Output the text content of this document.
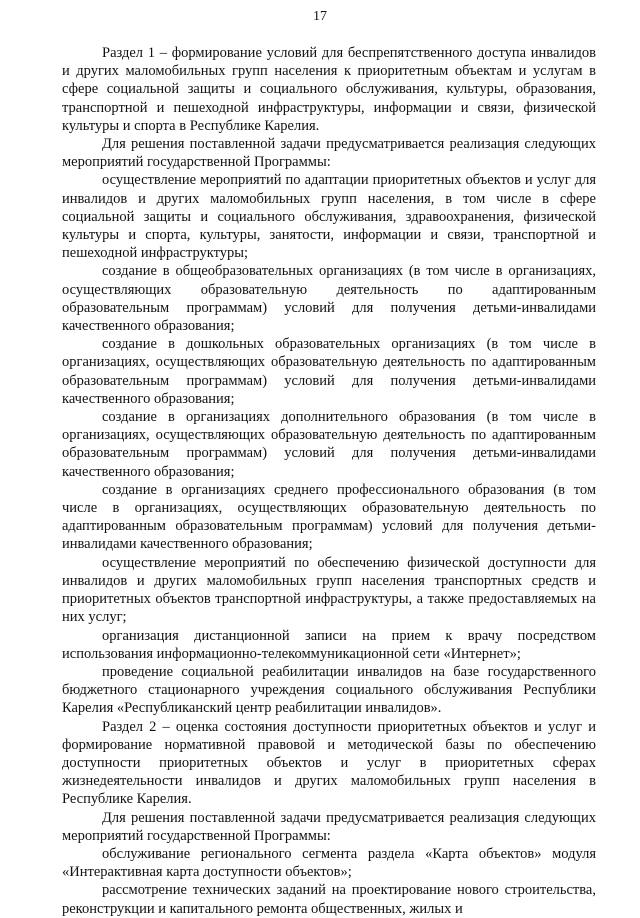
17

Раздел 1 – формирование условий для беспрепятственного доступа инвалидов и других маломобильных групп населения к приоритетным объектам и услугам в сфере социальной защиты и социального обслуживания, культуры, образования, транспортной и пешеходной инфраструктуры, информации и связи, физической культуры и спорта в Республике Карелия.

Для решения поставленной задачи предусматривается реализация следующих мероприятий государственной Программы:

осуществление мероприятий по адаптации приоритетных объектов и услуг для инвалидов и других маломобильных групп населения, в том числе в сфере социальной защиты и социального обслуживания, здравоохранения, физической культуры и спорта, культуры, занятости, информации и связи, транспортной и пешеходной инфраструктуры;

создание в общеобразовательных организациях (в том числе в организациях, осуществляющих образовательную деятельность по адаптированным образовательным программам) условий для получения детьми-инвалидами качественного образования;

создание в дошкольных образовательных организациях (в том числе в организациях, осуществляющих образовательную деятельность по адаптированным образовательным программам) условий для получения детьми-инвалидами качественного образования;

создание в организациях дополнительного образования (в том числе в организациях, осуществляющих образовательную деятельность по адаптированным образовательным программам) условий для получения детьми-инвалидами качественного образования;

создание в организациях среднего профессионального образования (в том числе в организациях, осуществляющих образовательную деятельность по адаптированным образовательным программам) условий для получения детьми-инвалидами качественного образования;

осуществление мероприятий по обеспечению физической доступности для инвалидов и других маломобильных групп населения транспортных средств и приоритетных объектов транспортной инфраструктуры, а также предоставляемых на них услуг;

организация дистанционной записи на прием к врачу посредством использования информационно-телекоммуникационной сети «Интернет»;

проведение социальной реабилитации инвалидов на базе государственного бюджетного стационарного учреждения социального обслуживания Республики Карелия «Республиканский центр реабилитации инвалидов».

Раздел 2 – оценка состояния доступности приоритетных объектов и услуг и формирование нормативной правовой и методической базы по обеспечению доступности приоритетных объектов и услуг в приоритетных сферах жизнедеятельности инвалидов и других маломобильных групп населения в Республике Карелия.

Для решения поставленной задачи предусматривается реализация следующих мероприятий государственной Программы:

обслуживание регионального сегмента раздела «Карта объектов» модуля «Интерактивная карта доступности объектов»;

рассмотрение технических заданий на проектирование нового строительства, реконструкции и капитального ремонта общественных, жилых и
